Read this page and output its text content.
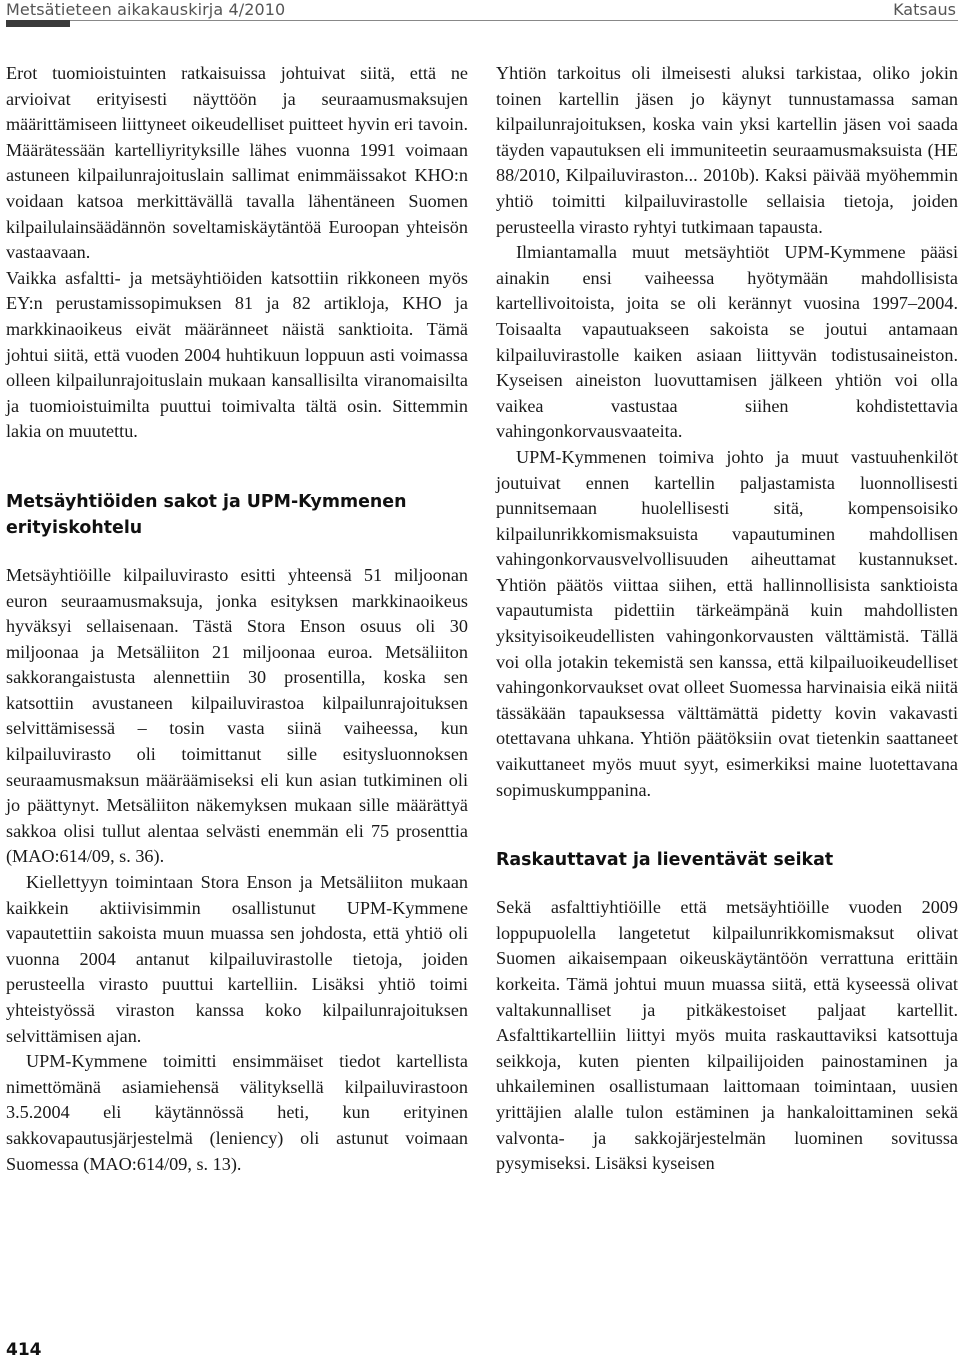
Metsätieteen aikakauskirja 4/2010	Katsaus

Erot tuomioistuinten ratkaisuissa johtuivat siitä, että ne arvioivat erityisesti näyttöön ja seuraamusmaksujen määrittämiseen liittyneet oikeudelliset puitteet hyvin eri tavoin. Määrätessään kartelliyrityksille lähes vuonna 1991 voimaan astuneen kilpailunrajoituslain sallimat enimmäissakot KHO:n voidaan katsoa merkittävällä tavalla lähentäneen Suomen kilpailulainsäädännön soveltamiskäytäntöä Euroopan yhteisön vastaavaan.

Vaikka asfaltti- ja metsäyhtiöiden katsottiin rikkoneen myös EY:n perustamissopimuksen 81 ja 82 artikloja, KHO ja markkinaoikeus eivät määränneet näistä sanktioita. Tämä johtui siitä, että vuoden 2004 huhtikuun loppuun asti voimassa olleen kilpailunrajoituslain mukaan kansallisilta viranomaisilta ja tuomioistuimilta puuttui toimivalta tältä osin. Sittemmin lakia on muutettu.

Metsäyhtiöiden sakot ja UPM-Kymmenen erityiskohtelu

Metsäyhtiöille kilpailuvirasto esitti yhteensä 51 miljoonan euron seuraamusmaksuja, jonka esityksen markkinaoikeus hyväksyi sellaisenaan. Tästä Stora Enson osuus oli 30 miljoonaa ja Metsäliiton 21 miljoonaa euroa. Metsäliiton sakkorangaistusta alennettiin 30 prosentilla, koska sen katsottiin avustaneen kilpailuvirastoa kilpailunrajoituksen selvittämisessä – tosin vasta siinä vaiheessa, kun kilpailuvirasto oli toimittanut sille esitysluonnoksen seuraamusmaksun määräämiseksi eli kun asian tutkiminen oli jo päättynyt. Metsäliiton näkemyksen mukaan sille määrättyä sakkoa olisi tullut alentaa selvästi enemmän eli 75 prosenttia (MAO:614/09, s. 36).

Kiellettyyn toimintaan Stora Enson ja Metsäliiton mukaan kaikkein aktiivisimmin osallistunut UPM-Kymmene vapautettiin sakoista muun muassa sen johdosta, että yhtiö oli vuonna 2004 antanut kilpailuvirastolle tietoja, joiden perusteella virasto puuttui kartelliin. Lisäksi yhtiö toimi yhteistyössä viraston kanssa koko kilpailunrajoituksen selvittämisen ajan.

UPM-Kymmene toimitti ensimmäiset tiedot kartellista nimettömänä asiamiehensä välityksellä kilpailuvirastoon 3.5.2004 eli käytännössä heti, kun erityinen sakkovapautusjärjestelmä (leniency) oli astunut voimaan Suomessa (MAO:614/09, s. 13).

Yhtiön tarkoitus oli ilmeisesti aluksi tarkistaa, oliko jokin toinen kartellin jäsen jo käynyt tunnustamassa saman kilpailunrajoituksen, koska vain yksi kartellin jäsen voi saada täyden vapautuksen eli immuniteetin seuraamusmaksuista (HE 88/2010, Kilpailuviraston... 2010b). Kaksi päivää myöhemmin yhtiö toimitti kilpailuvirastolle sellaisia tietoja, joiden perusteella virasto ryhtyi tutkimaan tapausta.

Ilmiantamalla muut metsäyhtiöt UPM-Kymmene pääsi ainakin ensi vaiheessa hyötymään mahdollisista kartellivoitoista, joita se oli kerännyt vuosina 1997–2004. Toisaalta vapautuakseen sakoista se joutui antamaan kilpailuvirastolle kaiken asiaan liittyvän todistusaineiston. Kyseisen aineiston luovuttamisen jälkeen yhtiön voi olla vaikea vastustaa siihen kohdistettavia vahingonkorvausvaateita.

UPM-Kymmenen toimiva johto ja muut vastuuhenkilöt joutuivat ennen kartellin paljastamista luonnollisesti punnitsemaan huolellisesti sitä, kompensoisiko kilpailunrikkomismaksuista vapautuminen mahdollisen vahingonkorvausvelvollisuuden aiheuttamat kustannukset. Yhtiön päätös viittaa siihen, että hallinnollisista sanktioista vapautumista pidettiin tärkeämpänä kuin mahdollisten yksityisoikeudellisten vahingonkorvausten välttämistä. Tällä voi olla jotakin tekemistä sen kanssa, että kilpailuoikeudelliset vahingonkorvaukset ovat olleet Suomessa harvinaisia eikä niitä tässäkään tapauksessa välttämättä pidetty kovin vakavasti otettavana uhkana. Yhtiön päätöksiin ovat tietenkin saattaneet vaikuttaneet myös muut syyt, esimerkiksi maine luotettavana sopimuskumppanina.

Raskauttavat ja lieventävät seikat

Sekä asfalttiyhtiöille että metsäyhtiöille vuoden 2009 loppupuolella langetetut kilpailunrikkomismaksut olivat Suomen aikaisempaan oikeuskäytäntöön verrattuna erittäin korkeita. Tämä johtui muun muassa siitä, että kyseessä olivat valtakunnalliset ja pitkäkestoiset paljaat kartellit. Asfalttikartelliin liittyi myös muita raskauttaviksi katsottuja seikkoja, kuten pienten kilpailijoiden painostaminen ja uhkaileminen osallistumaan laittomaan toimintaan, uusien yrittäjien alalle tulon estäminen ja hankaloittaminen sekä valvonta- ja sakkojärjestelmän luominen sovitussa pysymiseksi. Lisäksi kyseisen

414
